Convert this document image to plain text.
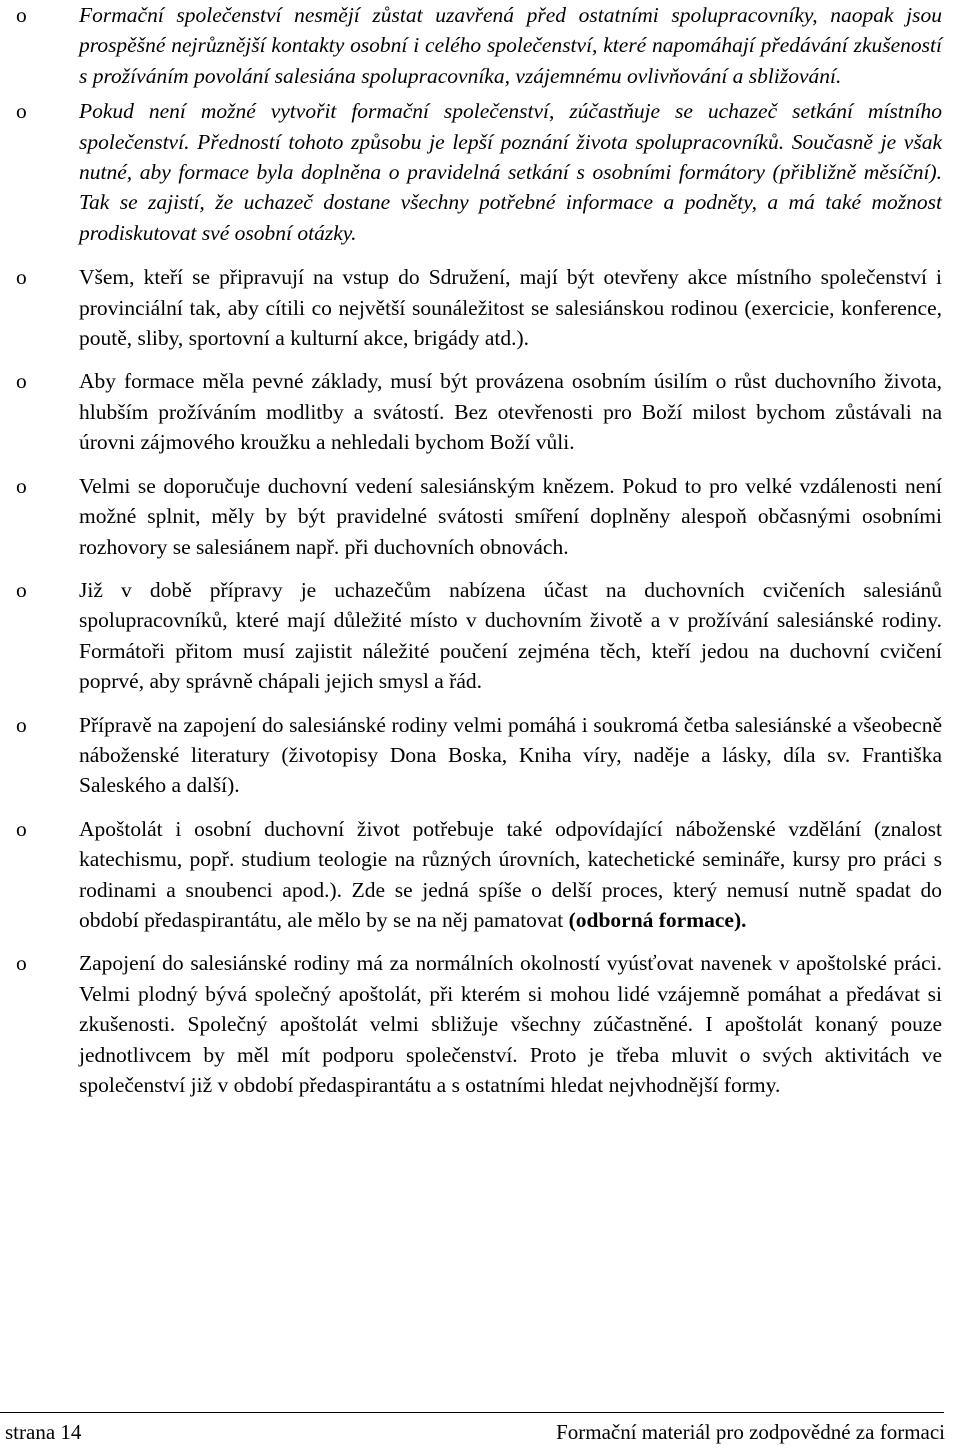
o	Formační společenství nesmějí zůstat uzavřená před ostatními spolupracovníky, naopak jsou prospěšné nejrůznější kontakty osobní i celého společenství, které napomáhají předávání zkušeností s prožíváním povolání salesiána spolupracovníka, vzájemnému ovlivňování a sbližování.
o	Pokud není možné vytvořit formační společenství, zúčastňuje se uchazeč setkání místního společenství. Předností tohoto způsobu je lepší poznání života spolupracovníků. Současně je však nutné, aby formace byla doplněna o pravidelná setkání s osobními formátory (přibližně měsíční). Tak se zajistí, že uchazeč dostane všechny potřebné informace a podněty, a má také možnost prodiskutovat své osobní otázky.
o	Všem, kteří se připravují na vstup do Sdružení, mají být otevřeny akce místního společenství i provinciální tak, aby cítili co největší sounáležitost se salesiánskou rodinou (exercicie, konference, poutě, sliby, sportovní a kulturní akce, brigády atd.).
o	Aby formace měla pevné základy, musí být provázena osobním úsilím o růst duchovního života, hlubším prožíváním modlitby a svátostí. Bez otevřenosti pro Boží milost bychom zůstávali na úrovni zájmového kroužku a nehledali bychom Boží vůli.
o	Velmi se doporučuje duchovní vedení salesiánským knězem. Pokud to pro velké vzdálenosti není možné splnit, měly by být pravidelné svátosti smíření doplněny alespoň občasnými osobními rozhovory se salesiánem např. při duchovních obnovách.
o	Již v době přípravy je uchazečům nabízena účast na duchovních cvičeních salesiánů spolupracovníků, které mají důležité místo v duchovním životě a v prožívání salesiánské rodiny. Formátoři přitom musí zajistit náležité poučení zejména těch, kteří jedou na duchovní cvičení poprvé, aby správně chápali jejich smysl a řád.
o	Přípravě na zapojení do salesiánské rodiny velmi pomáhá i soukromá četba salesiánské a všeobecně náboženské literatury (životopisy Dona Boska, Kniha víry, naděje a lásky, díla sv. Františka Saleského a další).
o	Apoštolát i osobní duchovní život potřebuje také odpovídající náboženské vzdělání (znalost katechismu, popř. studium teologie na různých úrovních, katechetické semináře, kursy pro práci s rodinami a snoubenci apod.). Zde se jedná spíše o delší proces, který nemusí nutně spadat do období předaspirantátu, ale mělo by se na něj pamatovat (odborná formace).
o	Zapojení do salesiánské rodiny má za normálních okolností vyúsťovat navenek v apoštolské práci. Velmi plodný bývá společný apoštolát, při kterém si mohou lidé vzájemně pomáhat a předávat si zkušenosti. Společný apoštolát velmi sbližuje všechny zúčastněné. I apoštolát konaný pouze jednotlivcem by měl mít podporu společenství. Proto je třeba mluvit o svých aktivitách ve společenství již v období předaspirantátu a s ostatními hledat nejvhodnější formy.
strana 14	Formační materiál pro zodpovědné za formaci
